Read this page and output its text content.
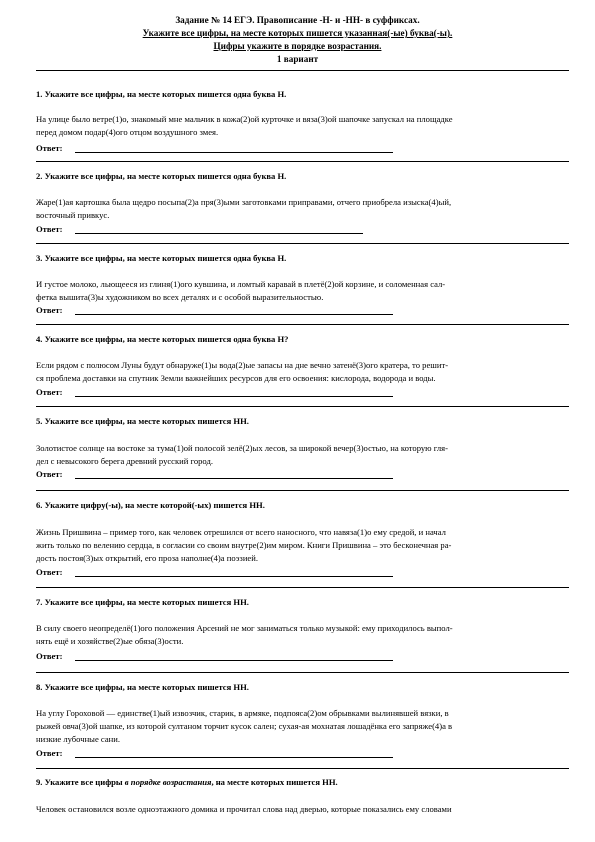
Задание № 14 ЕГЭ. Правописание -Н- и -НН- в суффиксах.
Укажите все цифры, на месте которых пишется указанная(-ые) буква(-ы).
Цифры укажите в порядке возрастания.
1 вариант
1. Укажите все цифры, на месте которых пишется одна буква Н.
На улице было ветре(1)о, знакомый мне мальчик в кожа(2)ой курточке и вяза(3)ой шапочке запускал на площадке
перед домом подар(4)ого отцом воздушного змея.
Ответ:
2. Укажите все цифры, на месте которых пишется одна буква Н.
Жаре(1)ая картошка была щедро посыпа(2)а пря(3)ыми заготовками приправами, отчего приобрела изыска(4)ый,
восточный привкус.
Ответ:
3. Укажите все цифры, на месте которых пишется одна буква Н.
И густое молоко, льющееся из глиня(1)ого кувшина, и ломтый каравай в плетё(2)ой корзине, и соломенная сал-
фетка вышита(3)ы художником во всех деталях и с особой выразительностью.
Ответ:
4. Укажите все цифры, на месте которых пишется одна буква Н?
Если рядом с полюсом Луны будут обнаруже(1)ы вода(2)ые запасы на дне вечно затенё(3)ого кратера, то решит-
ся проблема доставки на спутник Земли важнейших ресурсов для его освоения: кислорода, водорода и воды.
Ответ:
5. Укажите все цифры, на месте которых пишется НН.
Золотистое солнце на востоке за тума(1)ой полосой зелё(2)ых лесов, за широкой вечер(3)остью, на которую гля-
дел с невысокого берега древний русский город.
Ответ:
6. Укажите цифру(-ы), на месте которой(-ых) пишется НН.
Жизнь Пришвина – пример того, как человек отрешился от всего наносного, что навяза(1)о ему средой, и начал
жить только по велению сердца, в согласии со своим внутре(2)им миром. Книги Пришвина – это бесконечная ра-
дость постоя(3)ых открытий, его проза наполне(4)а поэзией.
Ответ:
7. Укажите все цифры, на месте которых пишется НН.
В силу своего неопределё(1)ого положения Арсений не мог заниматься только музыкой: ему приходилось выпол-
нять ещё и хозяйстве(2)ые обяза(3)ости.
Ответ:
8. Укажите все цифры, на месте которых пишется НН.
На углу Гороховой — единстве(1)ый извозчик, старик, в армяке, подпоясa(2)ом обрывками вылинявшей вязки, в
рыжей овча(3)ой шапке, из которой султаном торчит кусок сален; сухая-ая мохнатая лошадёнка его запряже(4)а в
низкие лубочные сани.
Ответ:
9. Укажите все цифры в порядке возрастания, на месте которых пишется НН.
Человек остановился возле одноэтажного домика и прочитал слова над дверью, которые показались ему словами
